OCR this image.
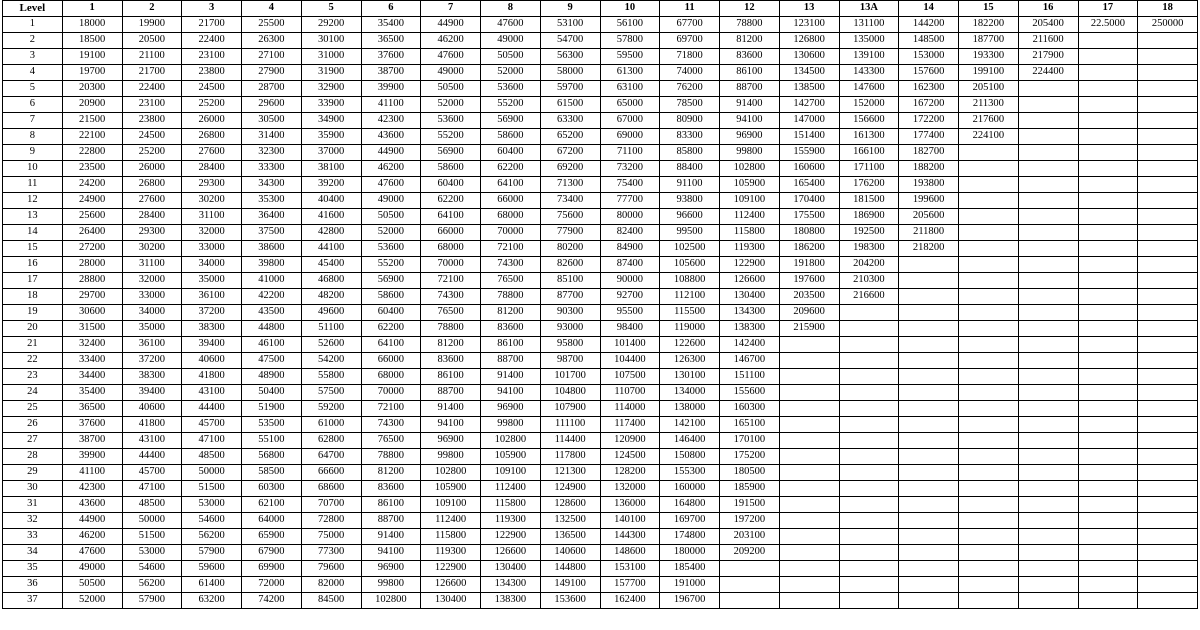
Level	1	2	3	4	5	6	7	8	9	10	11	12	13	13A	14	15	16	17	18
1	18000	19900	21700	25500	29200	35400	44900	47600	53100	56100	67700	78800	123100	131100	144200	182200	205400	22.5000	250000
2	18500	20500	22400	26300	30100	36500	46200	49000	54700	57800	69700	81200	126800	135000	148500	187700	211600		
3	19100	21100	23100	27100	31000	37600	47600	50500	56300	59500	71800	83600	130600	139100	153000	193300	217900		
4	19700	21700	23800	27900	31900	38700	49000	52000	58000	61300	74000	86100	134500	143300	157600	199100	224400		
5	20300	22400	24500	28700	32900	39900	50500	53600	59700	63100	76200	88700	138500	147600	162300	205100			
6	20900	23100	25200	29600	33900	41100	52000	55200	61500	65000	78500	91400	142700	152000	167200	211300			
7	21500	23800	26000	30500	34900	42300	53600	56900	63300	67000	80900	94100	147000	156600	172200	217600			
8	22100	24500	26800	31400	35900	43600	55200	58600	65200	69000	83300	96900	151400	161300	177400	224100			
9	22800	25200	27600	32300	37000	44900	56900	60400	67200	71100	85800	99800	155900	166100	182700				
10	23500	26000	28400	33300	38100	46200	58600	62200	69200	73200	88400	102800	160600	171100	188200				
11	24200	26800	29300	34300	39200	47600	60400	64100	71300	75400	91100	105900	165400	176200	193800				
12	24900	27600	30200	35300	40400	49000	62200	66000	73400	77700	93800	109100	170400	181500	199600				
13	25600	28400	31100	36400	41600	50500	64100	68000	75600	80000	96600	112400	175500	186900	205600				
14	26400	29300	32000	37500	42800	52000	66000	70000	77900	82400	99500	115800	180800	192500	211800				
15	27200	30200	33000	38600	44100	53600	68000	72100	80200	84900	102500	119300	186200	198300	218200				
16	28000	31100	34000	39800	45400	55200	70000	74300	82600	87400	105600	122900	191800	204200					
17	28800	32000	35000	41000	46800	56900	72100	76500	85100	90000	108800	126600	197600	210300					
18	29700	33000	36100	42200	48200	58600	74300	78800	87700	92700	112100	130400	203500	216600					
19	30600	34000	37200	43500	49600	60400	76500	81200	90300	95500	115500	134300	209600						
20	31500	35000	38300	44800	51100	62200	78800	83600	93000	98400	119000	138300	215900						
21	32400	36100	39400	46100	52600	64100	81200	86100	95800	101400	122600	142400							
22	33400	37200	40600	47500	54200	66000	83600	88700	98700	104400	126300	146700							
23	34400	38300	41800	48900	55800	68000	86100	91400	101700	107500	130100	151100							
24	35400	39400	43100	50400	57500	70000	88700	94100	104800	110700	134000	155600							
25	36500	40600	44400	51900	59200	72100	91400	96900	107900	114000	138000	160300							
26	37600	41800	45700	53500	61000	74300	94100	99800	111100	117400	142100	165100							
27	38700	43100	47100	55100	62800	76500	96900	102800	114400	120900	146400	170100							
28	39900	44400	48500	56800	64700	78800	99800	105900	117800	124500	150800	175200							
29	41100	45700	50000	58500	66600	81200	102800	109100	121300	128200	155300	180500							
30	42300	47100	51500	60300	68600	83600	105900	112400	124900	132000	160000	185900							
31	43600	48500	53000	62100	70700	86100	109100	115800	128600	136000	164800	191500							
32	44900	50000	54600	64000	72800	88700	112400	119300	132500	140100	169700	197200							
33	46200	51500	56200	65900	75000	91400	115800	122900	136500	144300	174800	203100							
34	47600	53000	57900	67900	77300	94100	119300	126600	140600	148600	180000	209200							
35	49000	54600	59600	69900	79600	96900	122900	130400	144800	153100	185400								
36	50500	56200	61400	72000	82000	99800	126600	134300	149100	157700	191000								
37	52000	57900	63200	74200	84500	102800	130400	138300	153600	162400	196700								
